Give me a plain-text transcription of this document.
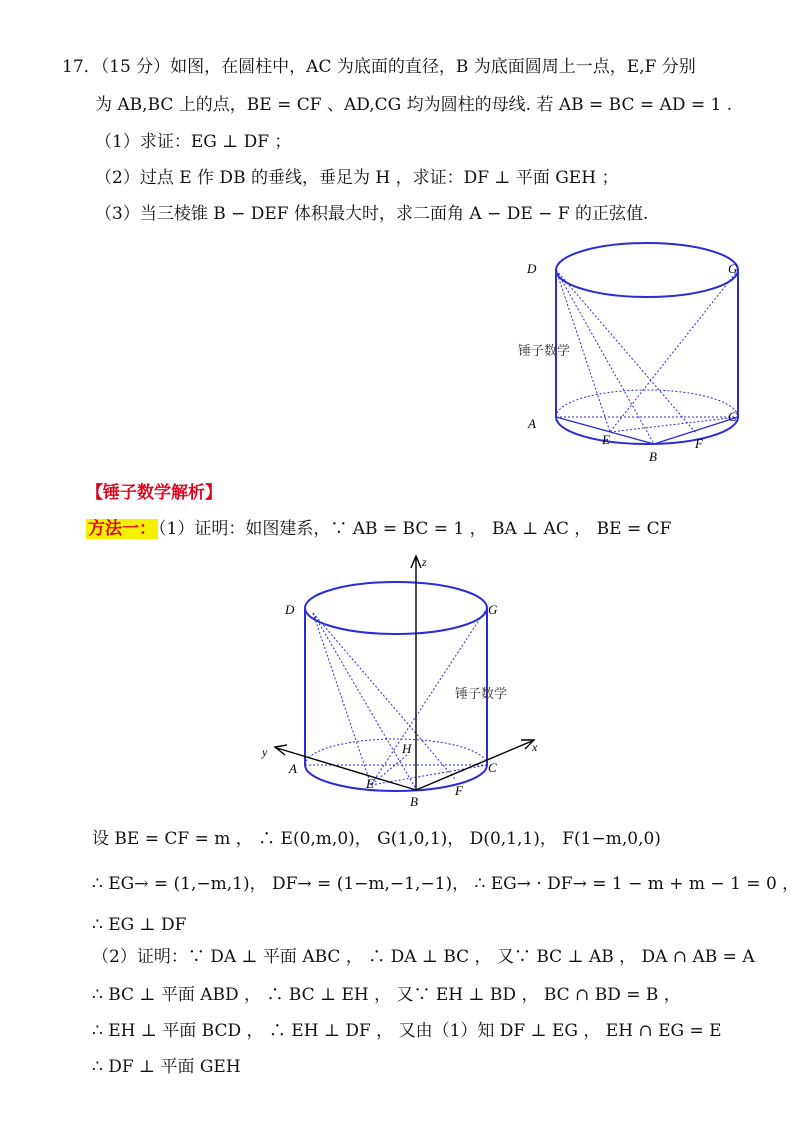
17．（15 分）如图，在圆柱中，AC 为底面的直径，B 为底面圆周上一点，E,F 分别
为 AB,BC 上的点，BE = CF 、AD,CG 均为圆柱的母线. 若 AB = BC = AD = 1 .
（1）求证：EG ⊥ DF ；
（2）过点 E 作 DB 的垂线，垂足为 H ，求证：DF ⊥ 平面 GEH ；
（3）当三棱锥 B − DEF 体积最大时，求二面角 A − DE − F 的正弦值.
D	G
A	C
E
B
F
锤子数学
【锤子数学解析】
方法一： （1）证明：如图建系，∵ AB = BC = 1 ， BA ⊥ AC ， BE = CF
z
y	x
D	G
A	C
E
B
F
H
锤子数学
设 BE = CF = m ， ∴ E(0,m,0)， G(1,0,1)， D(0,1,1)， F(1−m,0,0)
∴ EG→ = (1,−m,1)， DF→ = (1−m,−1,−1)， ∴ EG→ · DF→ = 1 − m + m − 1 = 0 ，
∴ EG ⊥ DF
（2）证明：∵ DA ⊥ 平面 ABC ， ∴ DA ⊥ BC ， 又∵ BC ⊥ AB ， DA ∩ AB = A
∴ BC ⊥ 平面 ABD ， ∴ BC ⊥ EH ， 又∵ EH ⊥ BD ， BC ∩ BD = B ，
∴ EH ⊥ 平面 BCD ， ∴ EH ⊥ DF ， 又由（1）知 DF ⊥ EG ， EH ∩ EG = E
∴ DF ⊥ 平面 GEH
